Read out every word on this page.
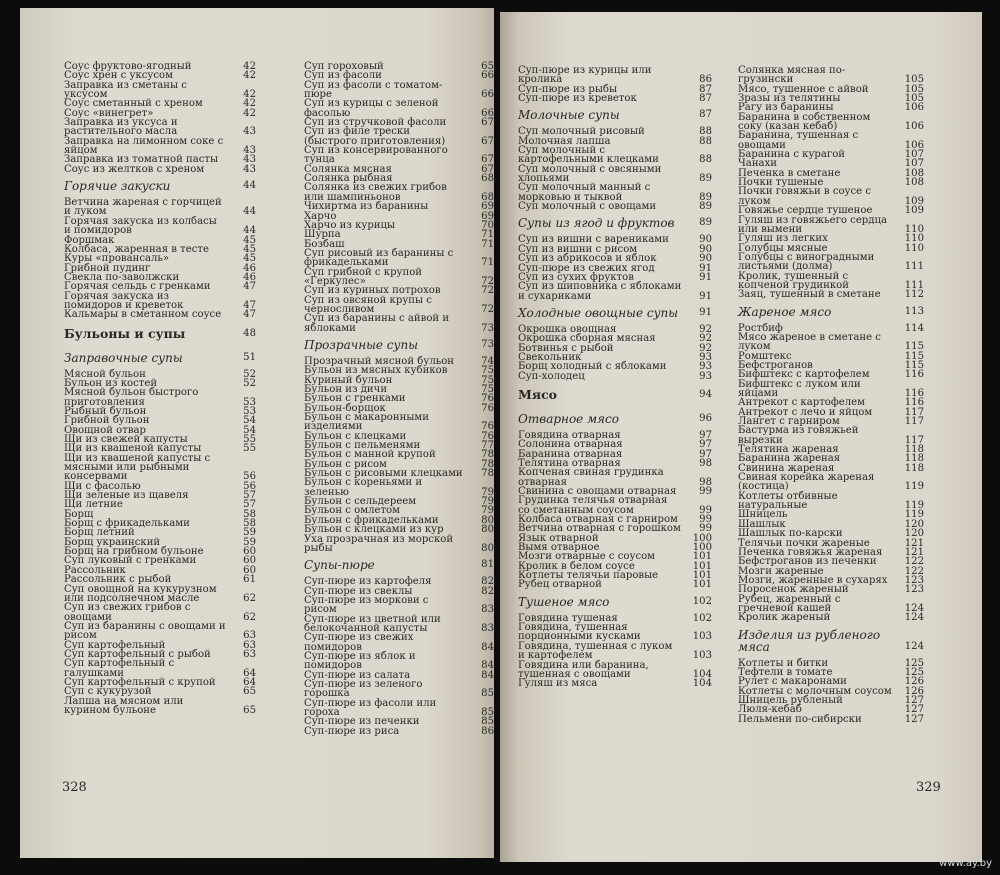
Соус фруктово-ягодный	42
Соус хрен с уксусом	42
Заправка из сметаны с уксусом	42
Соус сметанный с хреном	42
Соус «винегрет»	42
Заправка из уксуса и растительного масла	43
Заправка на лимонном соке с яйцом	43
Заправка из томатной пасты	43
Соус из желтков с хреном	43
Горячие закуски	44
Ветчина жареная с горчицей и луком	44
Горячая закуска из колбасы и помидоров	44
Форшмак	45
Колбаса, жаренная в тесте	45
Куры «провансаль»	45
Грибной пудинг	46
Свекла по-заволжски	46
Горячая сельдь с гренками	47
Горячая закуска из помидоров и креветок	47
Кальмары в сметанном соусе	47
Бульоны и супы	48
Заправочные супы	51
Мясной бульон	52
Бульон из костей	52
Мясной бульон быстрого приготовления	53
Рыбный бульон	53
Грибной бульон	54
Овощной отвар	54
Щи из свежей капусты	55
Щи из квашеной капусты	55
Щи из квашеной капусты с мясными или рыбными консервами	56
Щи с фасолью	56
Щи зеленые из щавеля	57
Щи летние	57
Борщ	58
Борщ с фрикадельками	58
Борщ летний	59
Борщ украинский	59
Борщ на грибном бульоне	60
Суп луковый с гренками	60
Рассольник	60
Рассольник с рыбой	61
Суп овощной на кукурузном или подсолнечном масле	62
Суп из свежих грибов с овощами	62
Суп из баранины с овощами и рисом	63
Суп картофельный	63
Суп картофельный с рыбой	63
Суп картофельный с галушками	64
Суп картофельный с крупой	64
Суп с кукурузой	65
Лапша на мясном или курином бульоне	65
Суп гороховый	65
Суп из фасоли	66
Суп из фасоли с томатом-пюре	66
Суп из курицы с зеленой фасолью	66
Суп из стручковой фасоли	67
Суп из филе трески (быстрого приготовления)	67
Суп из консервированного тунца	67
Солянка мясная	67
Солянка рыбная	68
Солянка из свежих грибов или шампиньонов	68
Чихиртма из баранины	69
Харчо	69
Харчо из курицы	70
Шурпа	71
Бозбаш	71
Суп рисовый из баранины с фрикадельками	71
Суп грибной с крупой «Геркулес»	72
Суп из куриных потрохов	72
Суп из овсяной крупы с черносливом	72
Суп из баранины с айвой и яблоками	73
Прозрачные супы	73
Прозрачный мясной бульон	74
Бульон из мясных кубиков	75
Куриный бульон	75
Бульон из дичи	75
Бульон с гренками	76
Бульон-борщок	76
Бульон с макаронными изделиями	76
Бульон с клецками	76
Бульон с пельменями	77
Бульон с манной крупой	78
Бульон с рисом	78
Бульон с рисовыми клецками	78
Бульон с кореньями и зеленью	79
Бульон с сельдереем	79
Бульон с омлетом	79
Бульон с фрикадельками	80
Бульон с клецками из кур	80
Уха прозрачная из морской рыбы	80
Супы-пюре	81
Суп-пюре из картофеля	82
Суп-пюре из свеклы	82
Суп-пюре из моркови с рисом	83
Суп-пюре из цветной или белокочанной капусты	83
Суп-пюре из свежих помидоров	84
Суп-пюре из яблок и помидоров	84
Суп-пюре из салата	84
Суп-пюре из зеленого горошка	85
Суп-пюре из фасоли или гороха	85
Суп-пюре из печенки	85
Суп-пюре из риса	86
328
Суп-пюре из курицы или кролика	86
Суп-пюре из рыбы	87
Суп-пюре из креветок	87
Молочные супы	87
Суп молочный рисовый	88
Молочная лапша	88
Суп молочный с картофельными клецками	88
Суп молочный с овсяными хлопьями	89
Суп молочный манный с морковью и тыквой	89
Суп молочный с овощами	89
Супы из ягод и фруктов	89
Суп из вишни с варениками	90
Суп из вишни с рисом	90
Суп из абрикосов и яблок	90
Суп-пюре из свежих ягод	91
Суп из сухих фруктов	91
Суп из шиповника с яблоками и сухариками	91
Холодные овощные супы	91
Окрошка овощная	92
Окрошка сборная мясная	92
Ботвинья с рыбой	92
Свекольник	93
Борщ холодный с яблоками	93
Суп-холодец	93
Мясо	94
Отварное мясо	96
Говядина отварная	97
Солонина отварная	97
Баранина отварная	97
Телятина отварная	98
Копченая свиная грудинка отварная	98
Свинина с овощами отварная	99
Грудинка телячья отварная со сметанным соусом	99
Колбаса отварная с гарниром	99
Ветчина отварная с горошком	99
Язык отварной	100
Вымя отварное	100
Мозги отварные с соусом	101
Кролик в белом соусе	101
Котлеты телячьи паровые	101
Рубец отварной	101
Тушеное мясо	102
Говядина тушеная	102
Говядина, тушенная порционными кусками	103
Говядина, тушенная с луком и картофелем	103
Говядина или баранина, тушенная с овощами	104
Гуляш из мяса	104
Солянка мясная по-грузински	105
Мясо, тушенное с айвой	105
Зразы из телятины	105
Рагу из баранины	106
Баранина в собственном соку (казан кебаб)	106
Баранина, тушенная с овощами	106
Баранина с курагой	107
Чанахи	107
Печенка в сметане	108
Почки тушеные	108
Почки говяжьи в соусе с луком	109
Говяжье сердце тушеное	109
Гуляш из говяжьего сердца или вымени	110
Гуляш из легких	110
Голубцы мясные	110
Голубцы с виноградными листьями (долма)	111
Кролик, тушенный с копченой грудинкой	111
Заяц, тушенный в сметане	112
Жареное мясо	113
Ростбиф	114
Мясо жареное в сметане с луком	115
Ромштекс	115
Бефстроганов	115
Бифштекс с картофелем	116
Бифштекс с луком или яйцами	116
Антрекот с картофелем	116
Антрекот с лечо и яйцом	117
Лангет с гарниром	117
Бастурма из говяжьей вырезки	117
Телятина жареная	118
Баранина жареная	118
Свинина жареная	118
Свиная корейка жареная (костица)	119
Котлеты отбивные натуральные	119
Шницель	119
Шашлык	120
Шашлык по-карски	120
Телячьи почки жареные	121
Печенка говяжья жареная	121
Бефстроганов из печенки	122
Мозги жареные	122
Мозги, жаренные в сухарях	123
Поросенок жареный	123
Рубец, жаренный с гречневой кашей	124
Кролик жареный	124
Изделия из рубленого мяса	124
Котлеты и битки	125
Тефтели в томате	125
Рулет с макаронами	126
Котлеты с молочным соусом	126
Шницель рубленый	127
Люля-кебаб	127
Пельмени по-сибирски	127
329
www.ay.by
